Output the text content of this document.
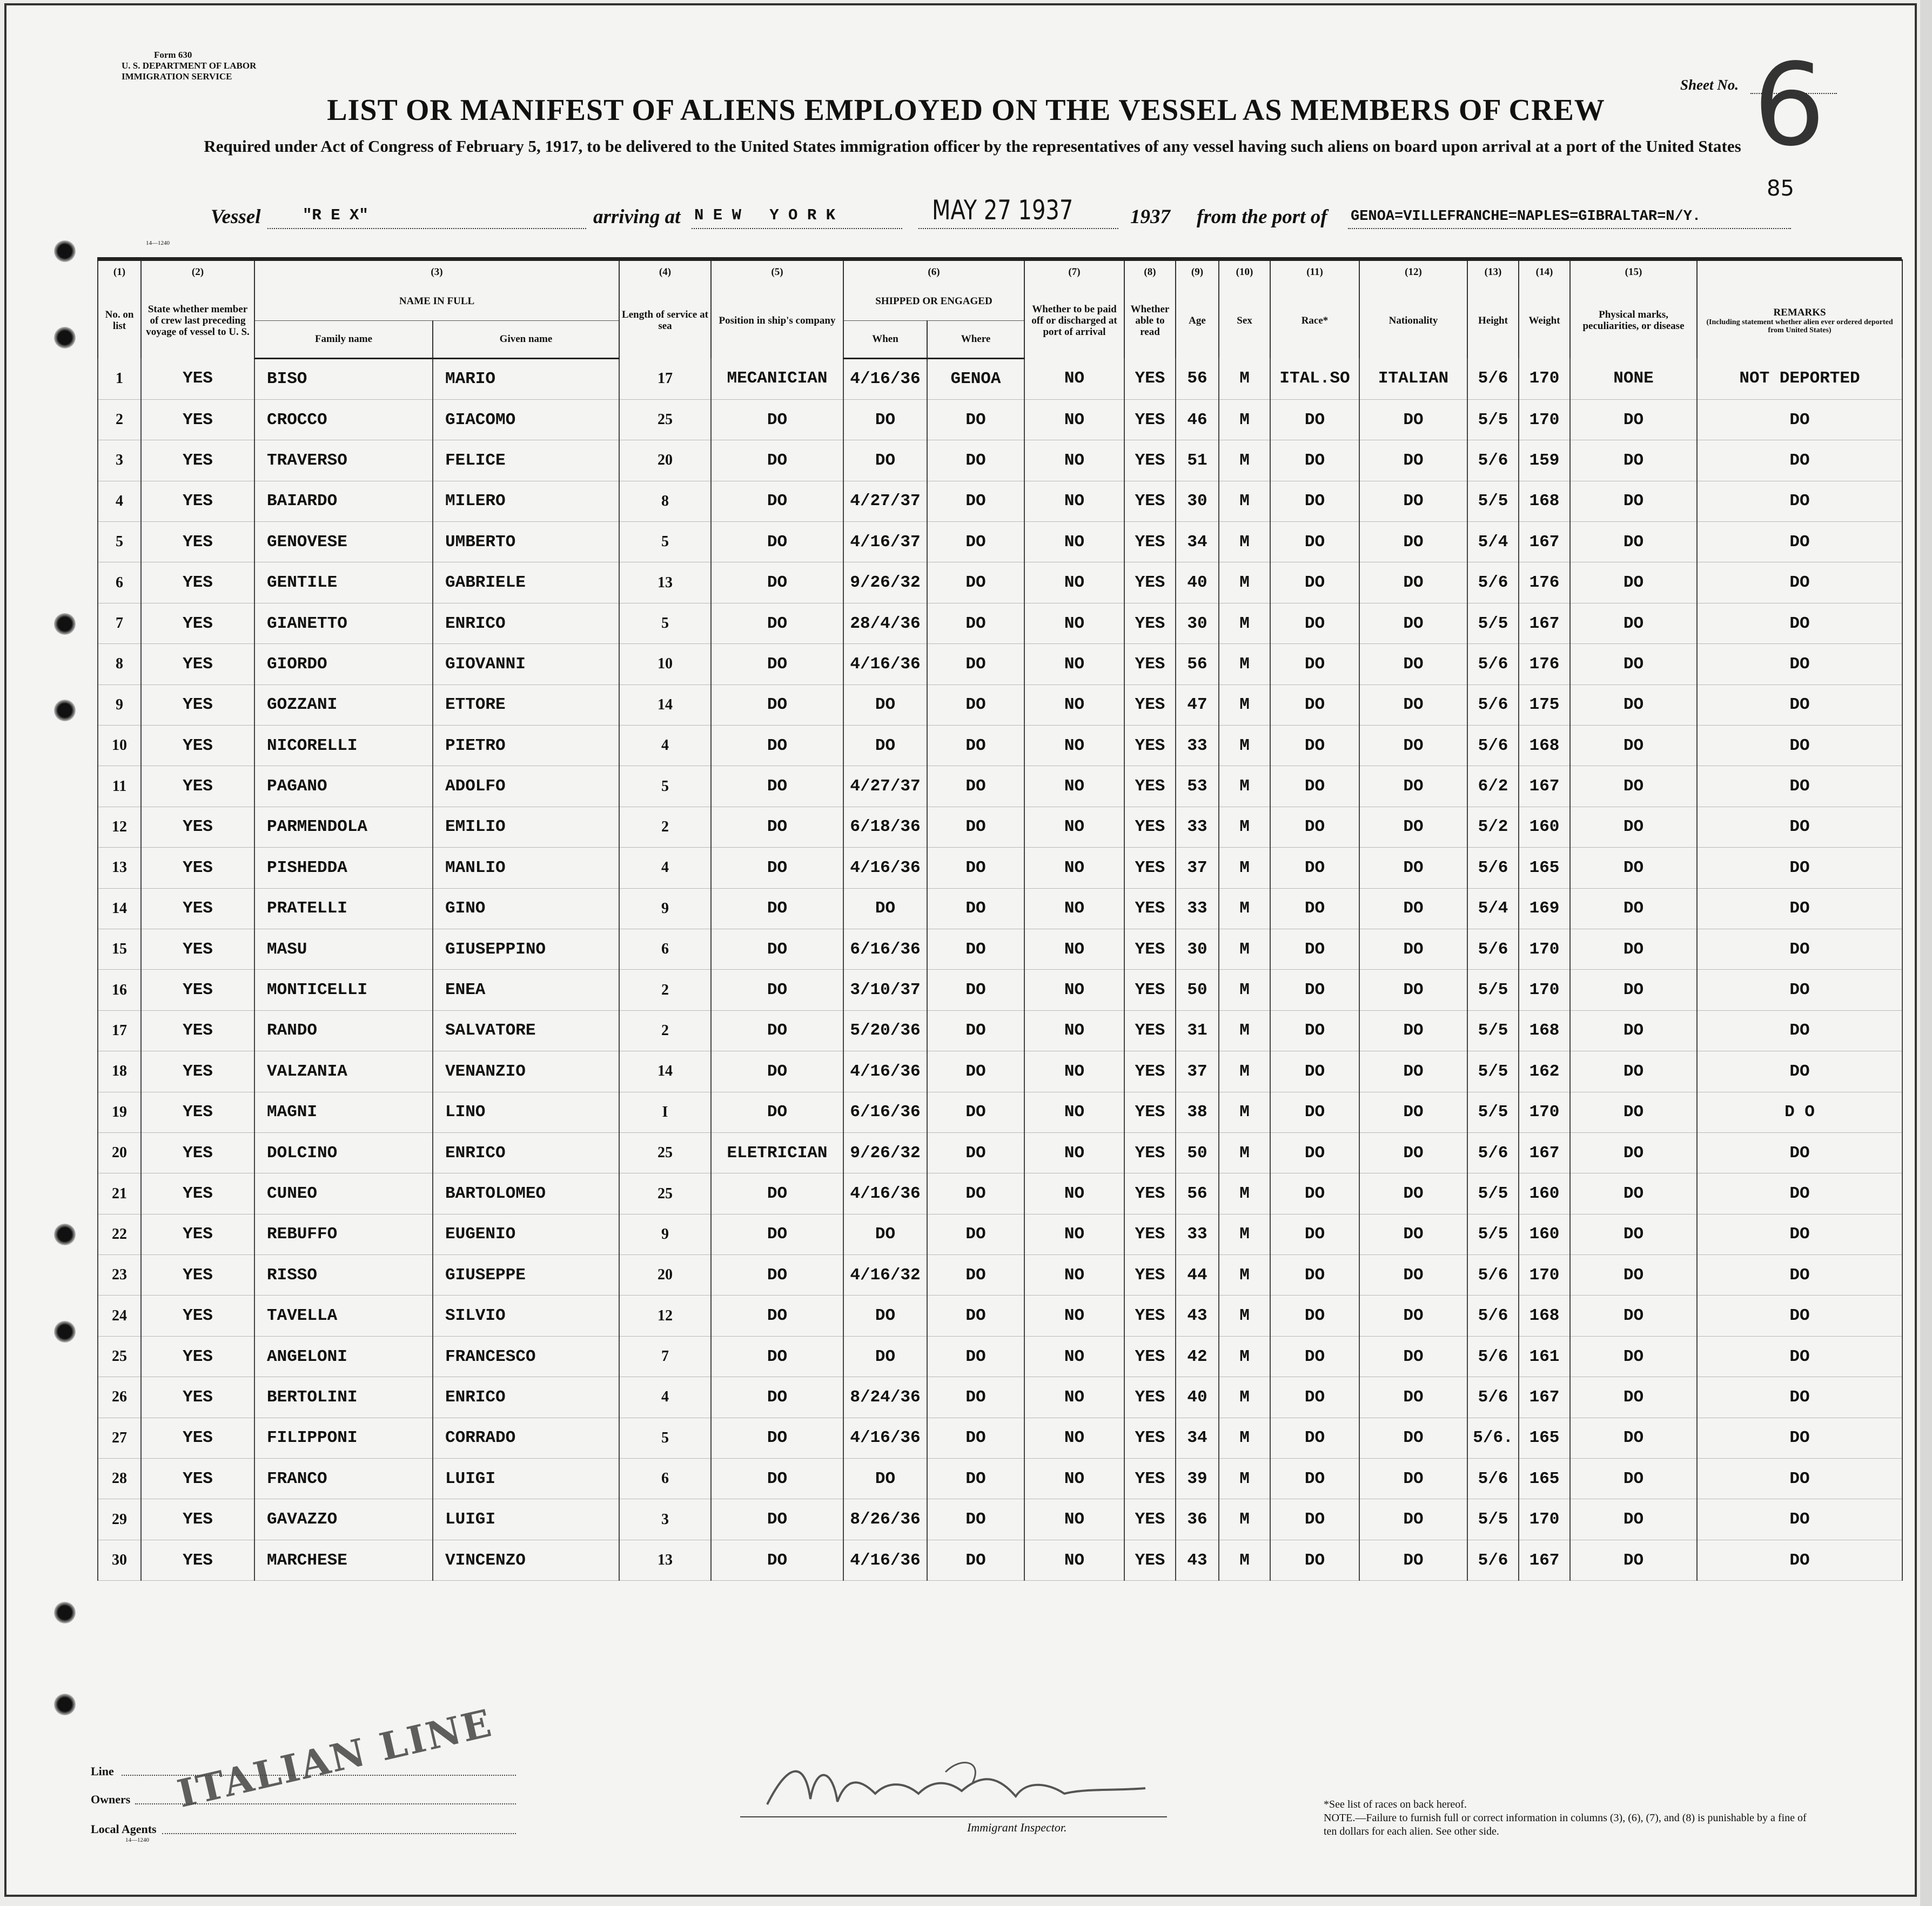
Form 630
U. S. DEPARTMENT OF LABOR
IMMIGRATION SERVICE
LIST OR MANIFEST OF ALIENS EMPLOYED ON THE VESSEL AS MEMBERS OF CREW
Required under Act of Congress of February 5, 1917, to be delivered to the United States immigration officer by the representatives of any vessel having such aliens on board upon arrival at a port of the United States
Sheet No. 6
85
Vessel	"R E X"	arriving at N E W   Y O R K	MAY 27 1937	1937 from the port of GENOA=VILLEFRANCHE=NAPLES=GIBRALTAR=N/Y.
14—1240
(1)	(2)	(3)		(4)	(5)	(6)		(7)	(8)	(9)	(10)	(11)	(12)	(13)	(14)	(15)	
No. on list	State whether member of crew last preceding voyage of vessel to U. S.	NAME IN FULL		Length of service at sea	Position in ship's company	SHIPPED OR ENGAGED		Whether to be paid off or discharged at port of arrival	Whether able to read	Age	Sex	Race*	Nationality	Height	Weight	Physical marks, peculiarities, or disease	REMARKS
(Including statement whether alien ever ordered deported from United States)

		Family name	Given name			When	Where										
1	YES	BISO	MARIO	17	MECANICIAN	4/16/36	GENOA	NO	YES	56	M	ITAL.SO	ITALIAN	5/6	170	NONE	NOT DEPORTED
2	YES	CROCCO	GIACOMO	25	DO	DO	DO	NO	YES	46	M	DO	DO	5/5	170	DO	DO
3	YES	TRAVERSO	FELICE	20	DO	DO	DO	NO	YES	51	M	DO	DO	5/6	159	DO	DO
4	YES	BAIARDO	MILERO	8	DO	4/27/37	DO	NO	YES	30	M	DO	DO	5/5	168	DO	DO
5	YES	GENOVESE	UMBERTO	5	DO	4/16/37	DO	NO	YES	34	M	DO	DO	5/4	167	DO	DO
6	YES	GENTILE	GABRIELE	13	DO	9/26/32	DO	NO	YES	40	M	DO	DO	5/6	176	DO	DO
7	YES	GIANETTO	ENRICO	5	DO	28/4/36	DO	NO	YES	30	M	DO	DO	5/5	167	DO	DO
8	YES	GIORDO	GIOVANNI	10	DO	4/16/36	DO	NO	YES	56	M	DO	DO	5/6	176	DO	DO
9	YES	GOZZANI	ETTORE	14	DO	DO	DO	NO	YES	47	M	DO	DO	5/6	175	DO	DO
10	YES	NICORELLI	PIETRO	4	DO	DO	DO	NO	YES	33	M	DO	DO	5/6	168	DO	DO
11	YES	PAGANO	ADOLFO	5	DO	4/27/37	DO	NO	YES	53	M	DO	DO	6/2	167	DO	DO
12	YES	PARMENDOLA	EMILIO	2	DO	6/18/36	DO	NO	YES	33	M	DO	DO	5/2	160	DO	DO
13	YES	PISHEDDA	MANLIO	4	DO	4/16/36	DO	NO	YES	37	M	DO	DO	5/6	165	DO	DO
14	YES	PRATELLI	GINO	9	DO	DO	DO	NO	YES	33	M	DO	DO	5/4	169	DO	DO
15	YES	MASU	GIUSEPPINO	6	DO	6/16/36	DO	NO	YES	30	M	DO	DO	5/6	170	DO	DO
16	YES	MONTICELLI	ENEA	2	DO	3/10/37	DO	NO	YES	50	M	DO	DO	5/5	170	DO	DO
17	YES	RANDO	SALVATORE	2	DO	5/20/36	DO	NO	YES	31	M	DO	DO	5/5	168	DO	DO
18	YES	VALZANIA	VENANZIO	14	DO	4/16/36	DO	NO	YES	37	M	DO	DO	5/5	162	DO	DO
19	YES	MAGNI	LINO	I	DO	6/16/36	DO	NO	YES	38	M	DO	DO	5/5	170	DO	D O
20	YES	DOLCINO	ENRICO	25	ELETRICIAN	9/26/32	DO	NO	YES	50	M	DO	DO	5/6	167	DO	DO
21	YES	CUNEO	BARTOLOMEO	25	DO	4/16/36	DO	NO	YES	56	M	DO	DO	5/5	160	DO	DO
22	YES	REBUFFO	EUGENIO	9	DO	DO	DO	NO	YES	33	M	DO	DO	5/5	160	DO	DO
23	YES	RISSO	GIUSEPPE	20	DO	4/16/32	DO	NO	YES	44	M	DO	DO	5/6	170	DO	DO
24	YES	TAVELLA	SILVIO	12	DO	DO	DO	NO	YES	43	M	DO	DO	5/6	168	DO	DO
25	YES	ANGELONI	FRANCESCO	7	DO	DO	DO	NO	YES	42	M	DO	DO	5/6	161	DO	DO
26	YES	BERTOLINI	ENRICO	4	DO	8/24/36	DO	NO	YES	40	M	DO	DO	5/6	167	DO	DO
27	YES	FILIPPONI	CORRADO	5	DO	4/16/36	DO	NO	YES	34	M	DO	DO	5/6.	165	DO	DO
28	YES	FRANCO	LUIGI	6	DO	DO	DO	NO	YES	39	M	DO	DO	5/6	165	DO	DO
29	YES	GAVAZZO	LUIGI	3	DO	8/26/36	DO	NO	YES	36	M	DO	DO	5/5	170	DO	DO
30	YES	MARCHESE	VINCENZO	13	DO	4/16/36	DO	NO	YES	43	M	DO	DO	5/6	167	DO	DO
Line
Owners
Local Agents
14—1240
ITALIAN LINE
Immigrant Inspector.
*See list of races on back hereof.
NOTE.—Failure to furnish full or correct information in columns (3), (6), (7), and (8) is punishable by a fine of ten dollars for each alien. See other side.
